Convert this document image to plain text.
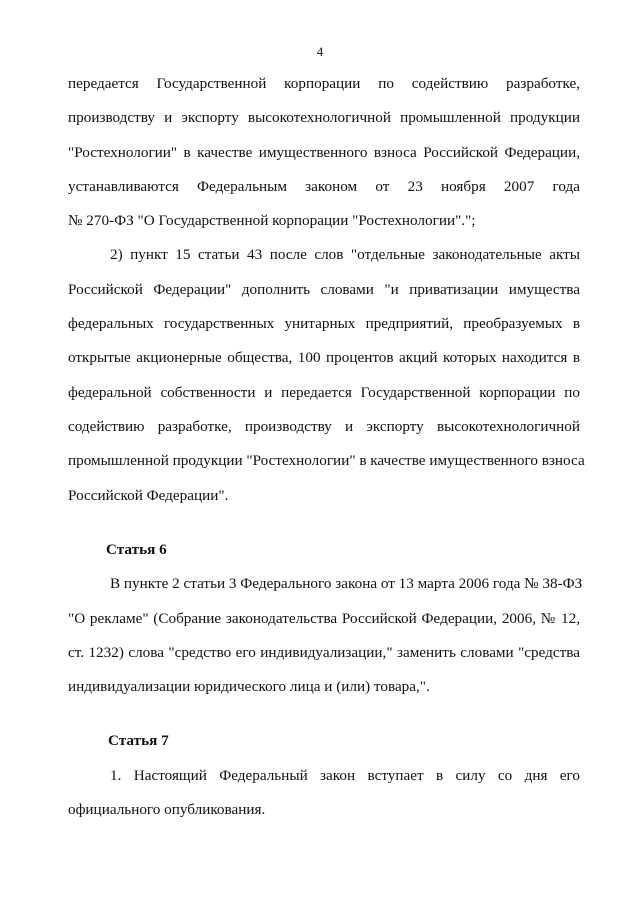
4
передается Государственной корпорации по содействию разработке,
производству и экспорту высокотехнологичной промышленной продукции
"Ростехнологии" в качестве имущественного взноса Российской Федерации,
устанавливаются Федеральным законом от 23 ноября 2007 года
№ 270-ФЗ "О Государственной корпорации "Ростехнологии".";
2) пункт 15 статьи 43 после слов "отдельные законодательные акты
Российской Федерации" дополнить словами "и приватизации имущества
федеральных государственных унитарных предприятий, преобразуемых в
открытые акционерные общества, 100 процентов акций которых находится в
федеральной собственности и передается Государственной корпорации по
содействию разработке, производству и экспорту высокотехнологичной
промышленной продукции "Ростехнологии" в качестве имущественного взноса
Российской Федерации".
Статья 6
В пункте 2 статьи 3 Федерального закона от 13 марта 2006 года № 38-ФЗ
"О рекламе" (Собрание законодательства Российской Федерации, 2006, № 12,
ст. 1232) слова "средство его индивидуализации," заменить словами "средства
индивидуализации юридического лица и (или) товара,".
Статья 7
1. Настоящий Федеральный закон вступает в силу со дня его
официального опубликования.
